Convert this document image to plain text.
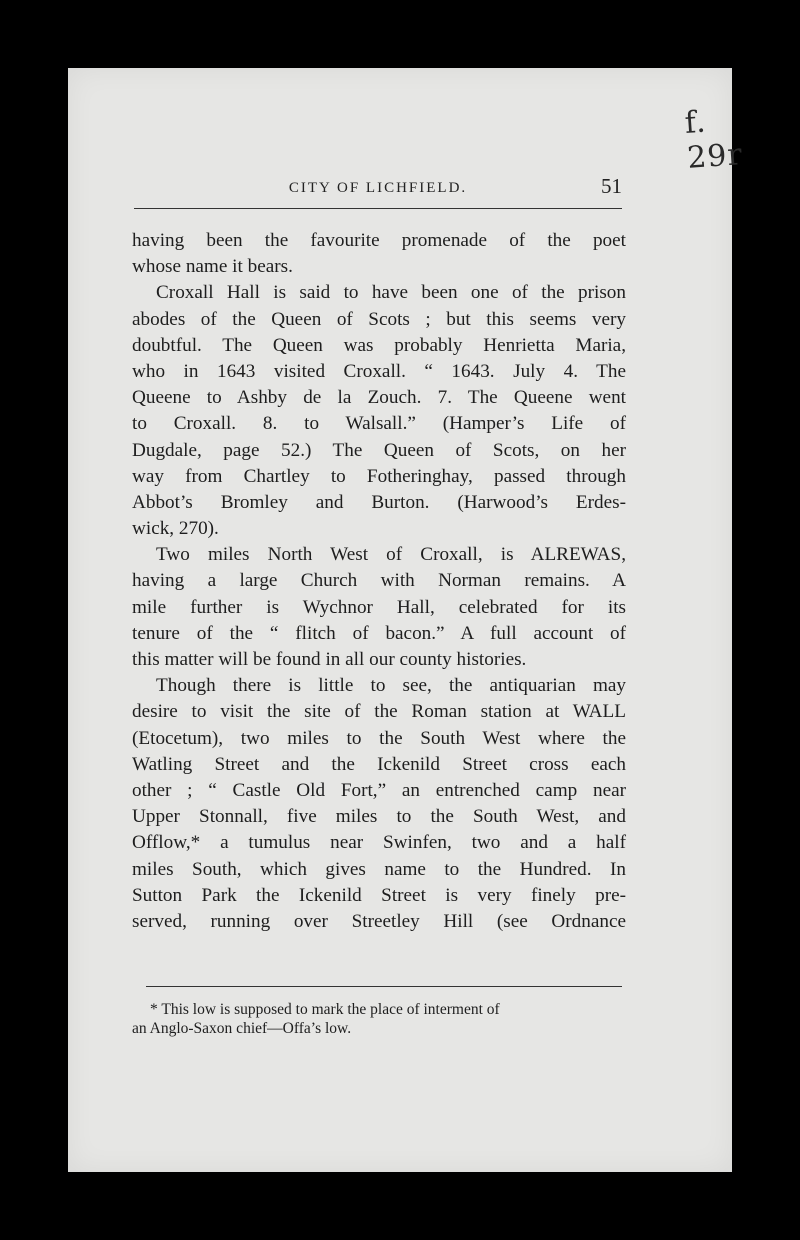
f. 29r
CITY OF LICHFIELD.	51
having been the favourite promenade of the poet
whose name it bears.
Croxall Hall is said to have been one of the prison
abodes of the Queen of Scots ; but this seems very
doubtful. The Queen was probably Henrietta Maria,
who in 1643 visited Croxall. “ 1643. July 4. The
Queene to Ashby de la Zouch. 7. The Queene went
to Croxall. 8. to Walsall.” (Hamper’s Life of
Dugdale, page 52.) The Queen of Scots, on her
way from Chartley to Fotheringhay, passed through
Abbot’s Bromley and Burton. (Harwood’s Erdes-
wick, 270).
Two miles North West of Croxall, is ALREWAS,
having a large Church with Norman remains. A
mile further is Wychnor Hall, celebrated for its
tenure of the “ flitch of bacon.” A full account of
this matter will be found in all our county histories.
Though there is little to see, the antiquarian may
desire to visit the site of the Roman station at WALL
(Etocetum), two miles to the South West where the
Watling Street and the Ickenild Street cross each
other ; “ Castle Old Fort,” an entrenched camp near
Upper Stonnall, five miles to the South West, and
Offlow,* a tumulus near Swinfen, two and a half
miles South, which gives name to the Hundred. In
Sutton Park the Ickenild Street is very finely pre-
served, running over Streetley Hill (see Ordnance
* This low is supposed to mark the place of interment of
an Anglo-Saxon chief—Offa’s low.
